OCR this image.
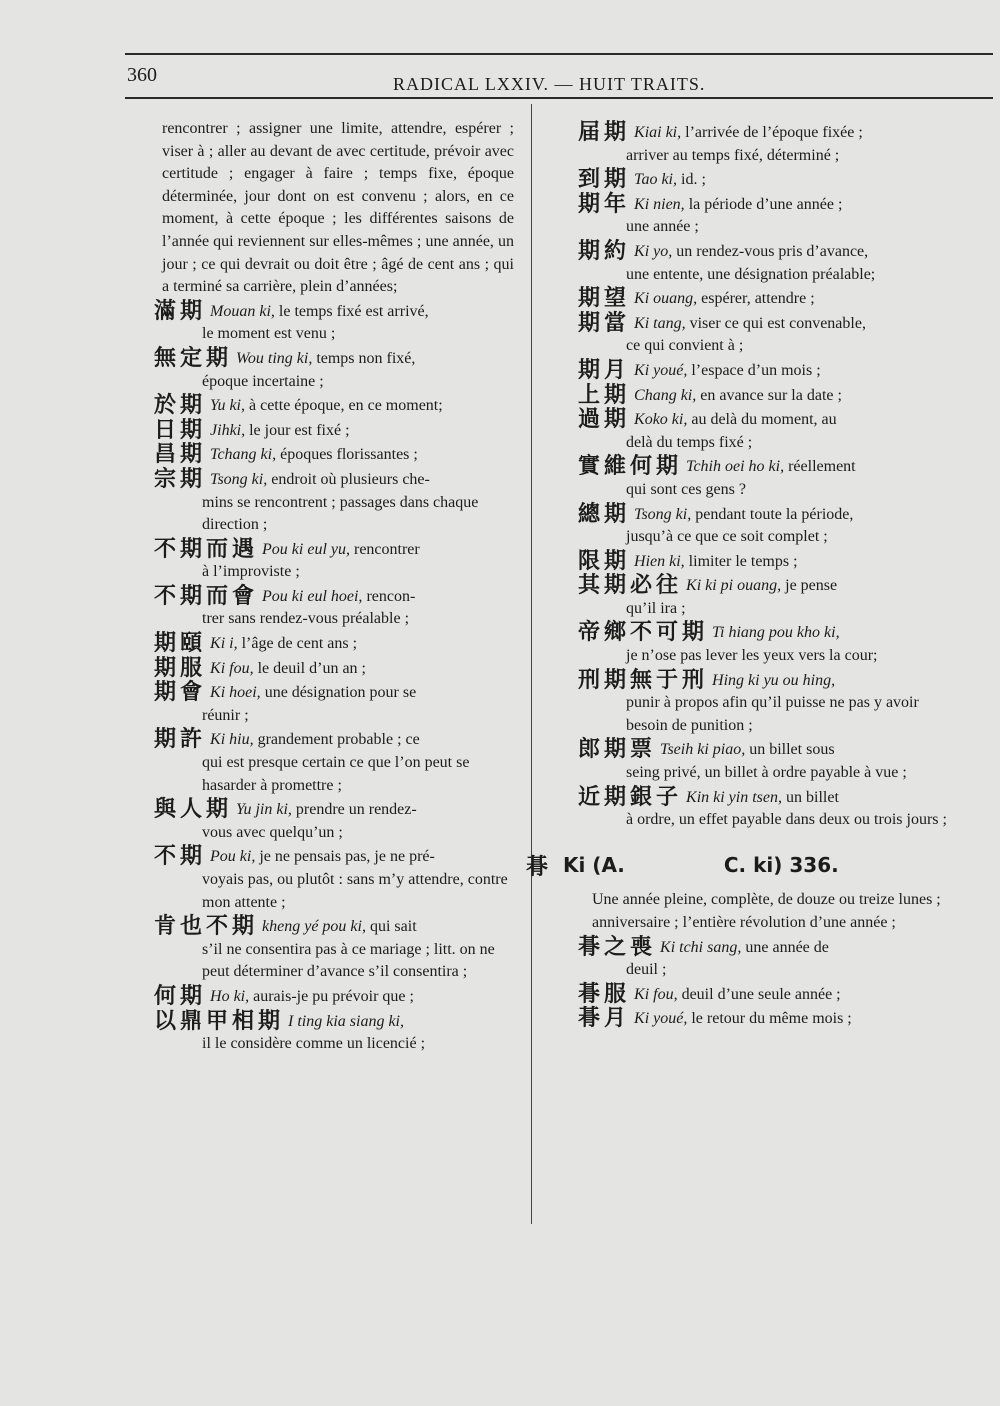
360	RADICAL LXXIV. — HUIT TRAITS.

rencontrer ; assigner une limite, attendre, espérer ; viser à ; aller au devant de avec certitude, prévoir avec certitude ; engager à faire ; temps fixe, époque déterminée, jour dont on est convenu ; alors, en ce moment, à cette époque ; les différentes saisons de l’année qui reviennent sur elles-mêmes ; une année, un jour ; ce qui devrait ou doit être ; âgé de cent ans ; qui a terminé sa carrière, plein d’années;

滿期 Mouan ki, le temps fixé est arrivé,
le moment est venu ;
無定期 Wou ting ki, temps non fixé,
époque incertaine ;
於期 Yu ki, à cette époque, en ce moment;
日期 Jihki, le jour est fixé ;
昌期 Tchang ki, époques florissantes ;
宗期 Tsong ki, endroit où plusieurs che-
mins se rencontrent ; passages dans chaque direction ;
不期而遇 Pou ki eul yu, rencontrer
à l’improviste ;
不期而會 Pou ki eul hoei, rencon-
trer sans rendez-vous préalable ;
期頤 Ki i, l’âge de cent ans ;
期服 Ki fou, le deuil d’un an ;
期會 Ki hoei, une désignation pour se
réunir ;
期許 Ki hiu, grandement probable ; ce
qui est presque certain ce que l’on peut se hasarder à promettre ;
與人期 Yu jin ki, prendre un rendez-
vous avec quelqu’un ;
不期 Pou ki, je ne pensais pas, je ne pré-
voyais pas, ou plutôt : sans m’y attendre, contre mon attente ;
肯也不期 kheng yé pou ki, qui sait
s’il ne consentira pas à ce mariage ; litt. on ne peut déterminer d’avance s’il consentira ;
何期 Ho ki, aurais-je pu prévoir que ;
以鼎甲相期 I ting kia siang ki,
il le considère comme un licencié ;
届期 Kiai ki, l’arrivée de l’époque fixée ;
arriver au temps fixé, déterminé ;
到期 Tao ki, id. ;
期年 Ki nien, la période d’une année ;
une année ;
期約 Ki yo, un rendez-vous pris d’avance,
une entente, une désignation préalable;
期望 Ki ouang, espérer, attendre ;
期當 Ki tang, viser ce qui est convenable,
ce qui convient à ;
期月 Ki youé, l’espace d’un mois ;
上期 Chang ki, en avance sur la date ;
過期 Koko ki, au delà du moment, au
delà du temps fixé ;
實維何期 Tchih oei ho ki, réellement
qui sont ces gens ?
總期 Tsong ki, pendant toute la période,
jusqu’à ce que ce soit complet ;
限期 Hien ki, limiter le temps ;
其期必往 Ki ki pi ouang, je pense
qu’il ira ;
帝鄉不可期 Ti hiang pou kho ki,
je n’ose pas lever les yeux vers la cour;
刑期無于刑 Hing ki yu ou hing,
punir à propos afin qu’il puisse ne pas y avoir besoin de punition ;
郎期票 Tseih ki piao, un billet sous
seing privé, un billet à ordre payable à vue ;
近期銀子 Kin ki yin tsen, un billet
à ordre, un effet payable dans deux ou trois jours ;
朞 Ki (A.	C. ki) 336.

Une année pleine, complète, de douze ou treize lunes ; anniversaire ; l’entière révolution d’une année ;

朞之喪 Ki tchi sang, une année de
deuil ;
朞服 Ki fou, deuil d’une seule année ;
朞月 Ki youé, le retour du même mois ;
